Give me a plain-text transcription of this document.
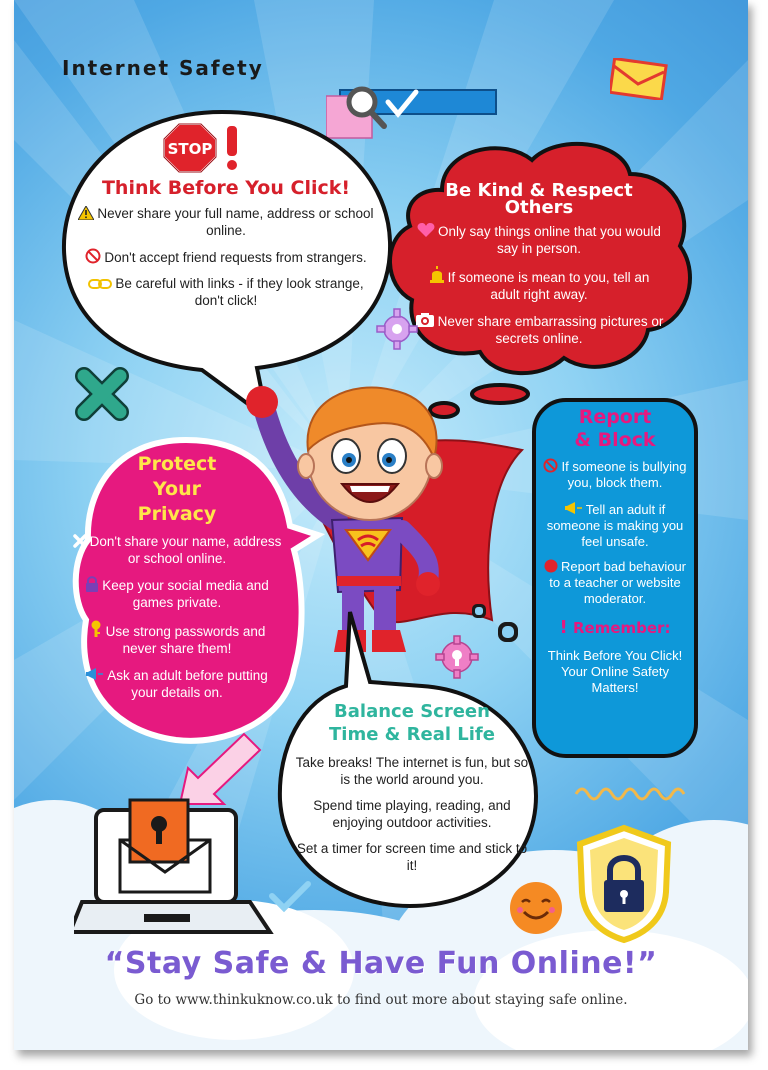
Internet Safety
STOP
Think Before You Click!

Never share your full name, address or school online.

Don't accept friend requests from strangers.

Be careful with links - if they look strange, don't click!

Be Kind & Respect Others

Only say things online that you would say in person.

If someone is mean to you, tell an adult right away.

Never share embarrassing pictures or secrets online.

Protect
Your
Privacy

Don't share your name, address or school online.

Keep your social media and games private.

Use strong passwords and never share them!

Ask an adult before putting your details on.

Report
& Block

If someone is bullying you, block them.

Tell an adult if someone is making you feel unsafe.

Report bad behaviour to a teacher or website moderator.

! Remember:

Think Before You Click! Your Online Safety Matters!

Balance Screen
Time & Real Life

Take breaks! The internet is fun, but so is the world around you.

Spend time playing, reading, and enjoying outdoor activities.

Set a timer for screen time and stick to it!

“Stay Safe & Have Fun Online!”
Go to www.thinkuknow.co.uk to find out more about staying safe online.
